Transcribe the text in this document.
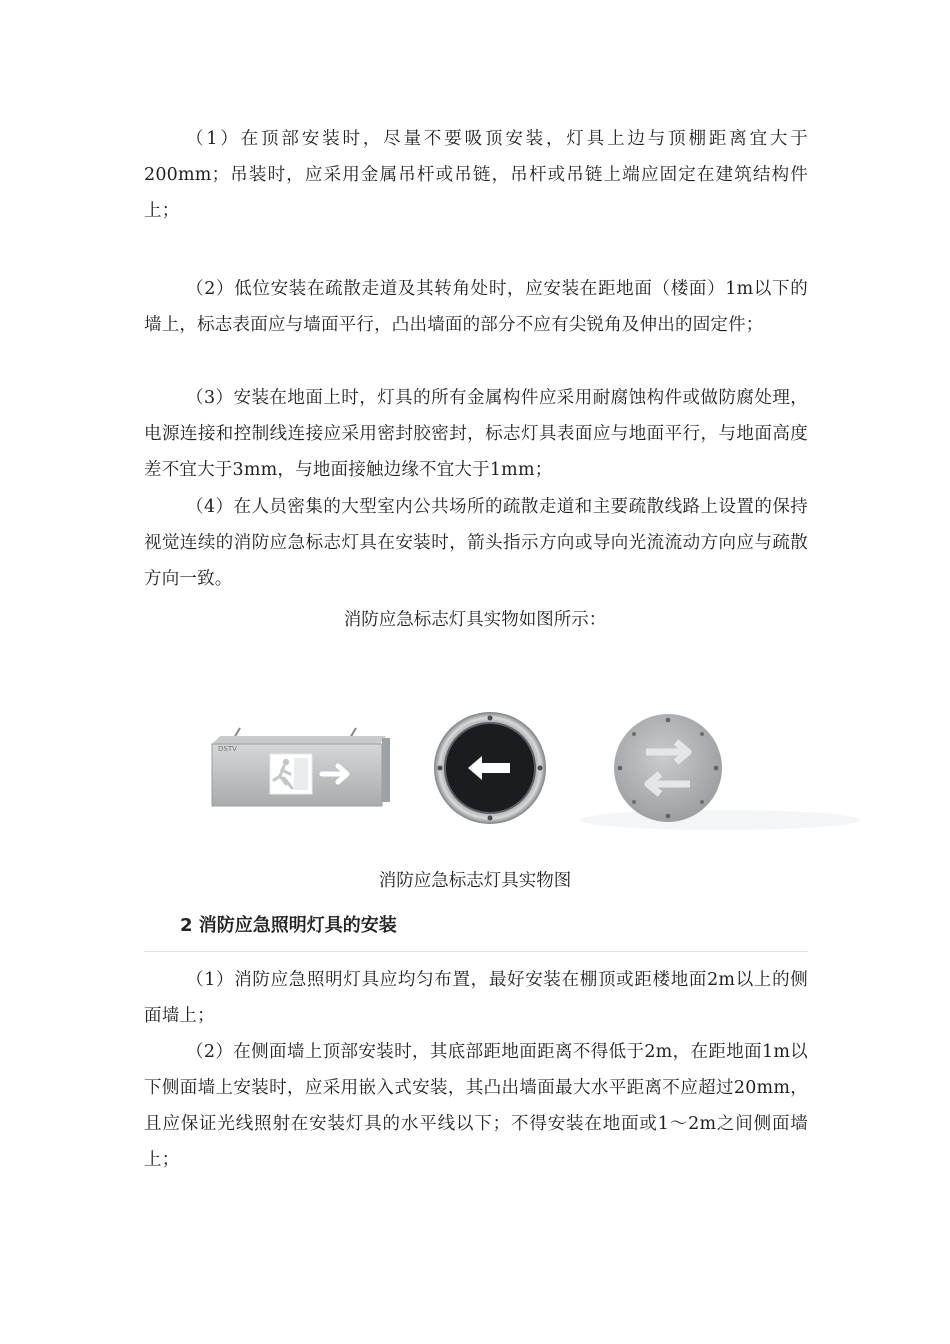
（1）在顶部安装时，尽量不要吸顶安装，灯具上边与顶棚距离宜大于200mm；吊装时，应采用金属吊杆或吊链，吊杆或吊链上端应固定在建筑结构件上；

（2）低位安装在疏散走道及其转角处时，应安装在距地面（楼面）1m以下的墙上，标志表面应与墙面平行，凸出墙面的部分不应有尖锐角及伸出的固定件；

（3）安装在地面上时，灯具的所有金属构件应采用耐腐蚀构件或做防腐处理，电源连接和控制线连接应采用密封胶密封，标志灯具表面应与地面平行，与地面高度差不宜大于3mm，与地面接触边缘不宜大于1mm；

（4）在人员密集的大型室内公共场所的疏散走道和主要疏散线路上设置的保持视觉连续的消防应急标志灯具在安装时，箭头指示方向或导向光流流动方向应与疏散方向一致。

消防应急标志灯具实物如图所示：

DSTV

消防应急标志灯具实物图

2 消防应急照明灯具的安装

（1）消防应急照明灯具应均匀布置，最好安装在棚顶或距楼地面2m以上的侧面墙上；

（2）在侧面墙上顶部安装时，其底部距地面距离不得低于2m，在距地面1m以下侧面墙上安装时，应采用嵌入式安装，其凸出墙面最大水平距离不应超过20mm，且应保证光线照射在安装灯具的水平线以下；不得安装在地面或1～2m之间侧面墙上；
